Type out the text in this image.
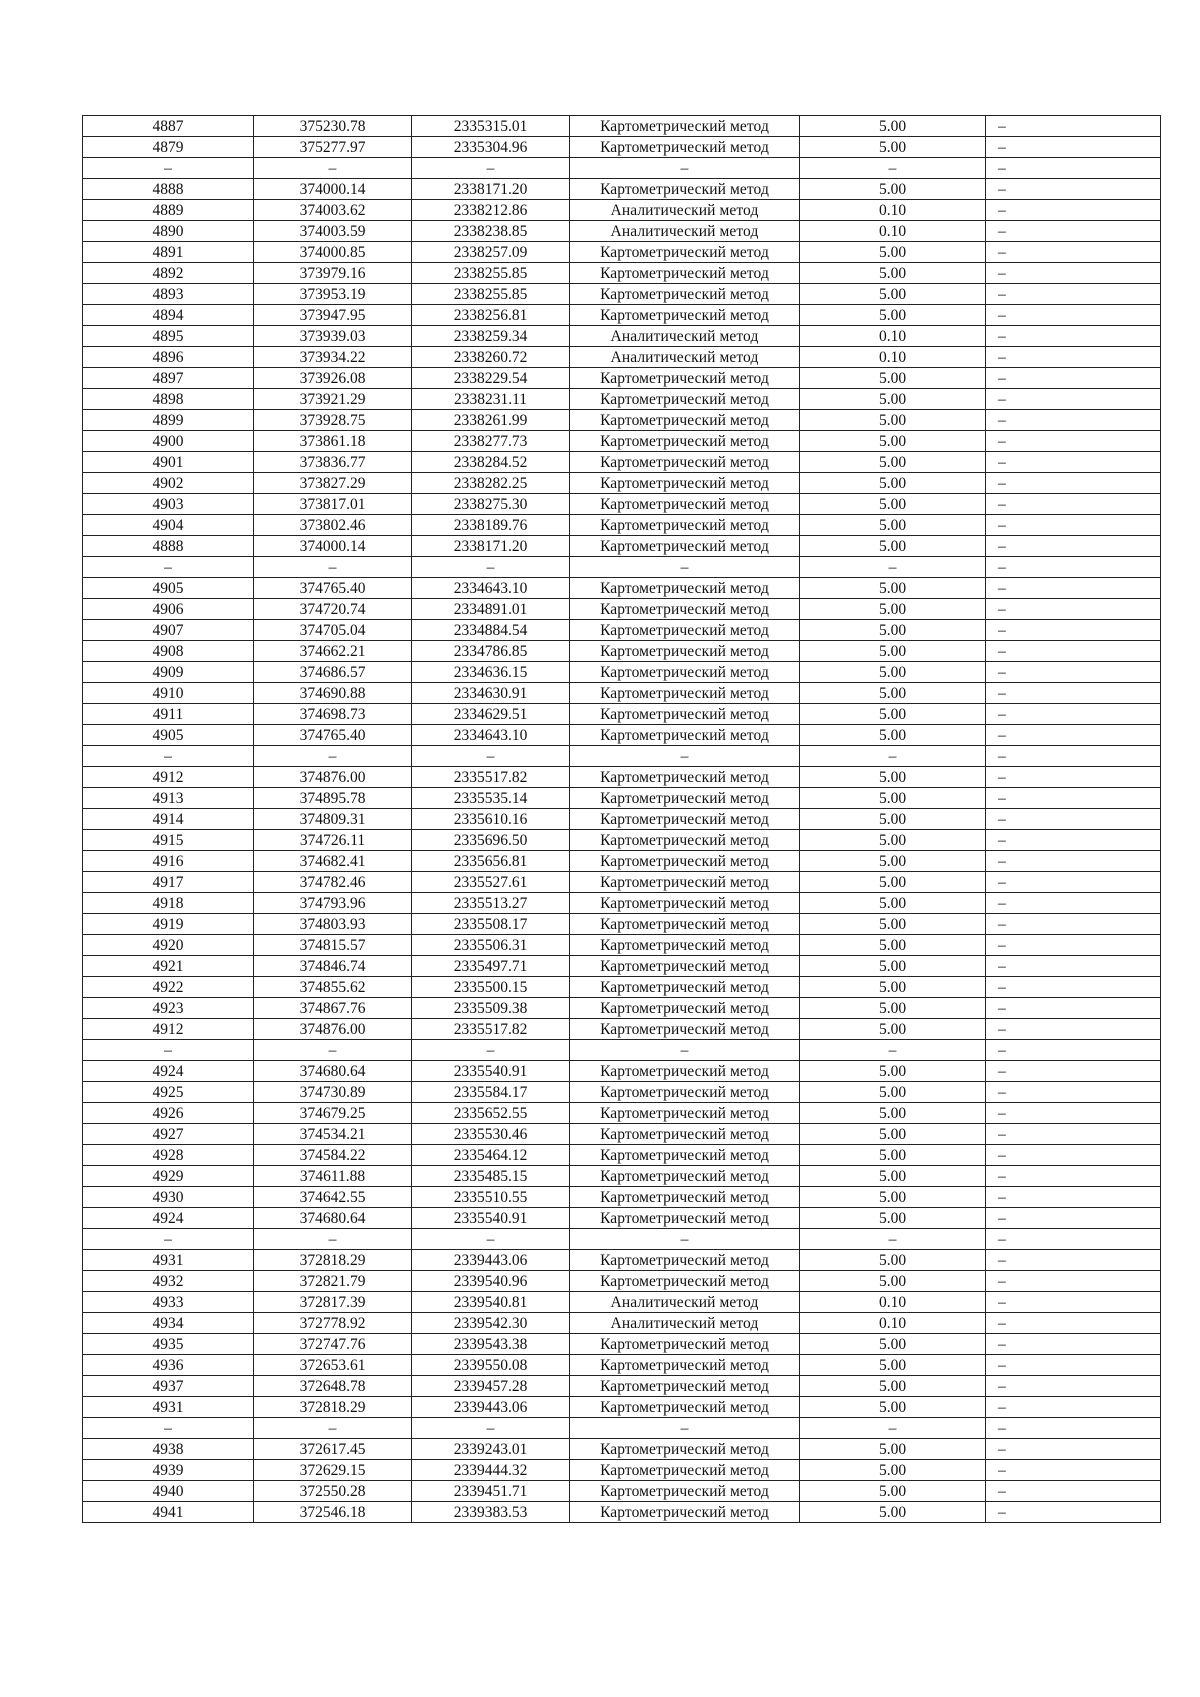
4887	375230.78	2335315.01	Картометрический метод	5.00	–
4879	375277.97	2335304.96	Картометрический метод	5.00	–
–	–	–	–	–	–
4888	374000.14	2338171.20	Картометрический метод	5.00	–
4889	374003.62	2338212.86	Аналитический метод	0.10	–
4890	374003.59	2338238.85	Аналитический метод	0.10	–
4891	374000.85	2338257.09	Картометрический метод	5.00	–
4892	373979.16	2338255.85	Картометрический метод	5.00	–
4893	373953.19	2338255.85	Картометрический метод	5.00	–
4894	373947.95	2338256.81	Картометрический метод	5.00	–
4895	373939.03	2338259.34	Аналитический метод	0.10	–
4896	373934.22	2338260.72	Аналитический метод	0.10	–
4897	373926.08	2338229.54	Картометрический метод	5.00	–
4898	373921.29	2338231.11	Картометрический метод	5.00	–
4899	373928.75	2338261.99	Картометрический метод	5.00	–
4900	373861.18	2338277.73	Картометрический метод	5.00	–
4901	373836.77	2338284.52	Картометрический метод	5.00	–
4902	373827.29	2338282.25	Картометрический метод	5.00	–
4903	373817.01	2338275.30	Картометрический метод	5.00	–
4904	373802.46	2338189.76	Картометрический метод	5.00	–
4888	374000.14	2338171.20	Картометрический метод	5.00	–
–	–	–	–	–	–
4905	374765.40	2334643.10	Картометрический метод	5.00	–
4906	374720.74	2334891.01	Картометрический метод	5.00	–
4907	374705.04	2334884.54	Картометрический метод	5.00	–
4908	374662.21	2334786.85	Картометрический метод	5.00	–
4909	374686.57	2334636.15	Картометрический метод	5.00	–
4910	374690.88	2334630.91	Картометрический метод	5.00	–
4911	374698.73	2334629.51	Картометрический метод	5.00	–
4905	374765.40	2334643.10	Картометрический метод	5.00	–
–	–	–	–	–	–
4912	374876.00	2335517.82	Картометрический метод	5.00	–
4913	374895.78	2335535.14	Картометрический метод	5.00	–
4914	374809.31	2335610.16	Картометрический метод	5.00	–
4915	374726.11	2335696.50	Картометрический метод	5.00	–
4916	374682.41	2335656.81	Картометрический метод	5.00	–
4917	374782.46	2335527.61	Картометрический метод	5.00	–
4918	374793.96	2335513.27	Картометрический метод	5.00	–
4919	374803.93	2335508.17	Картометрический метод	5.00	–
4920	374815.57	2335506.31	Картометрический метод	5.00	–
4921	374846.74	2335497.71	Картометрический метод	5.00	–
4922	374855.62	2335500.15	Картометрический метод	5.00	–
4923	374867.76	2335509.38	Картометрический метод	5.00	–
4912	374876.00	2335517.82	Картометрический метод	5.00	–
–	–	–	–	–	–
4924	374680.64	2335540.91	Картометрический метод	5.00	–
4925	374730.89	2335584.17	Картометрический метод	5.00	–
4926	374679.25	2335652.55	Картометрический метод	5.00	–
4927	374534.21	2335530.46	Картометрический метод	5.00	–
4928	374584.22	2335464.12	Картометрический метод	5.00	–
4929	374611.88	2335485.15	Картометрический метод	5.00	–
4930	374642.55	2335510.55	Картометрический метод	5.00	–
4924	374680.64	2335540.91	Картометрический метод	5.00	–
–	–	–	–	–	–
4931	372818.29	2339443.06	Картометрический метод	5.00	–
4932	372821.79	2339540.96	Картометрический метод	5.00	–
4933	372817.39	2339540.81	Аналитический метод	0.10	–
4934	372778.92	2339542.30	Аналитический метод	0.10	–
4935	372747.76	2339543.38	Картометрический метод	5.00	–
4936	372653.61	2339550.08	Картометрический метод	5.00	–
4937	372648.78	2339457.28	Картометрический метод	5.00	–
4931	372818.29	2339443.06	Картометрический метод	5.00	–
–	–	–	–	–	–
4938	372617.45	2339243.01	Картометрический метод	5.00	–
4939	372629.15	2339444.32	Картометрический метод	5.00	–
4940	372550.28	2339451.71	Картометрический метод	5.00	–
4941	372546.18	2339383.53	Картометрический метод	5.00	–
